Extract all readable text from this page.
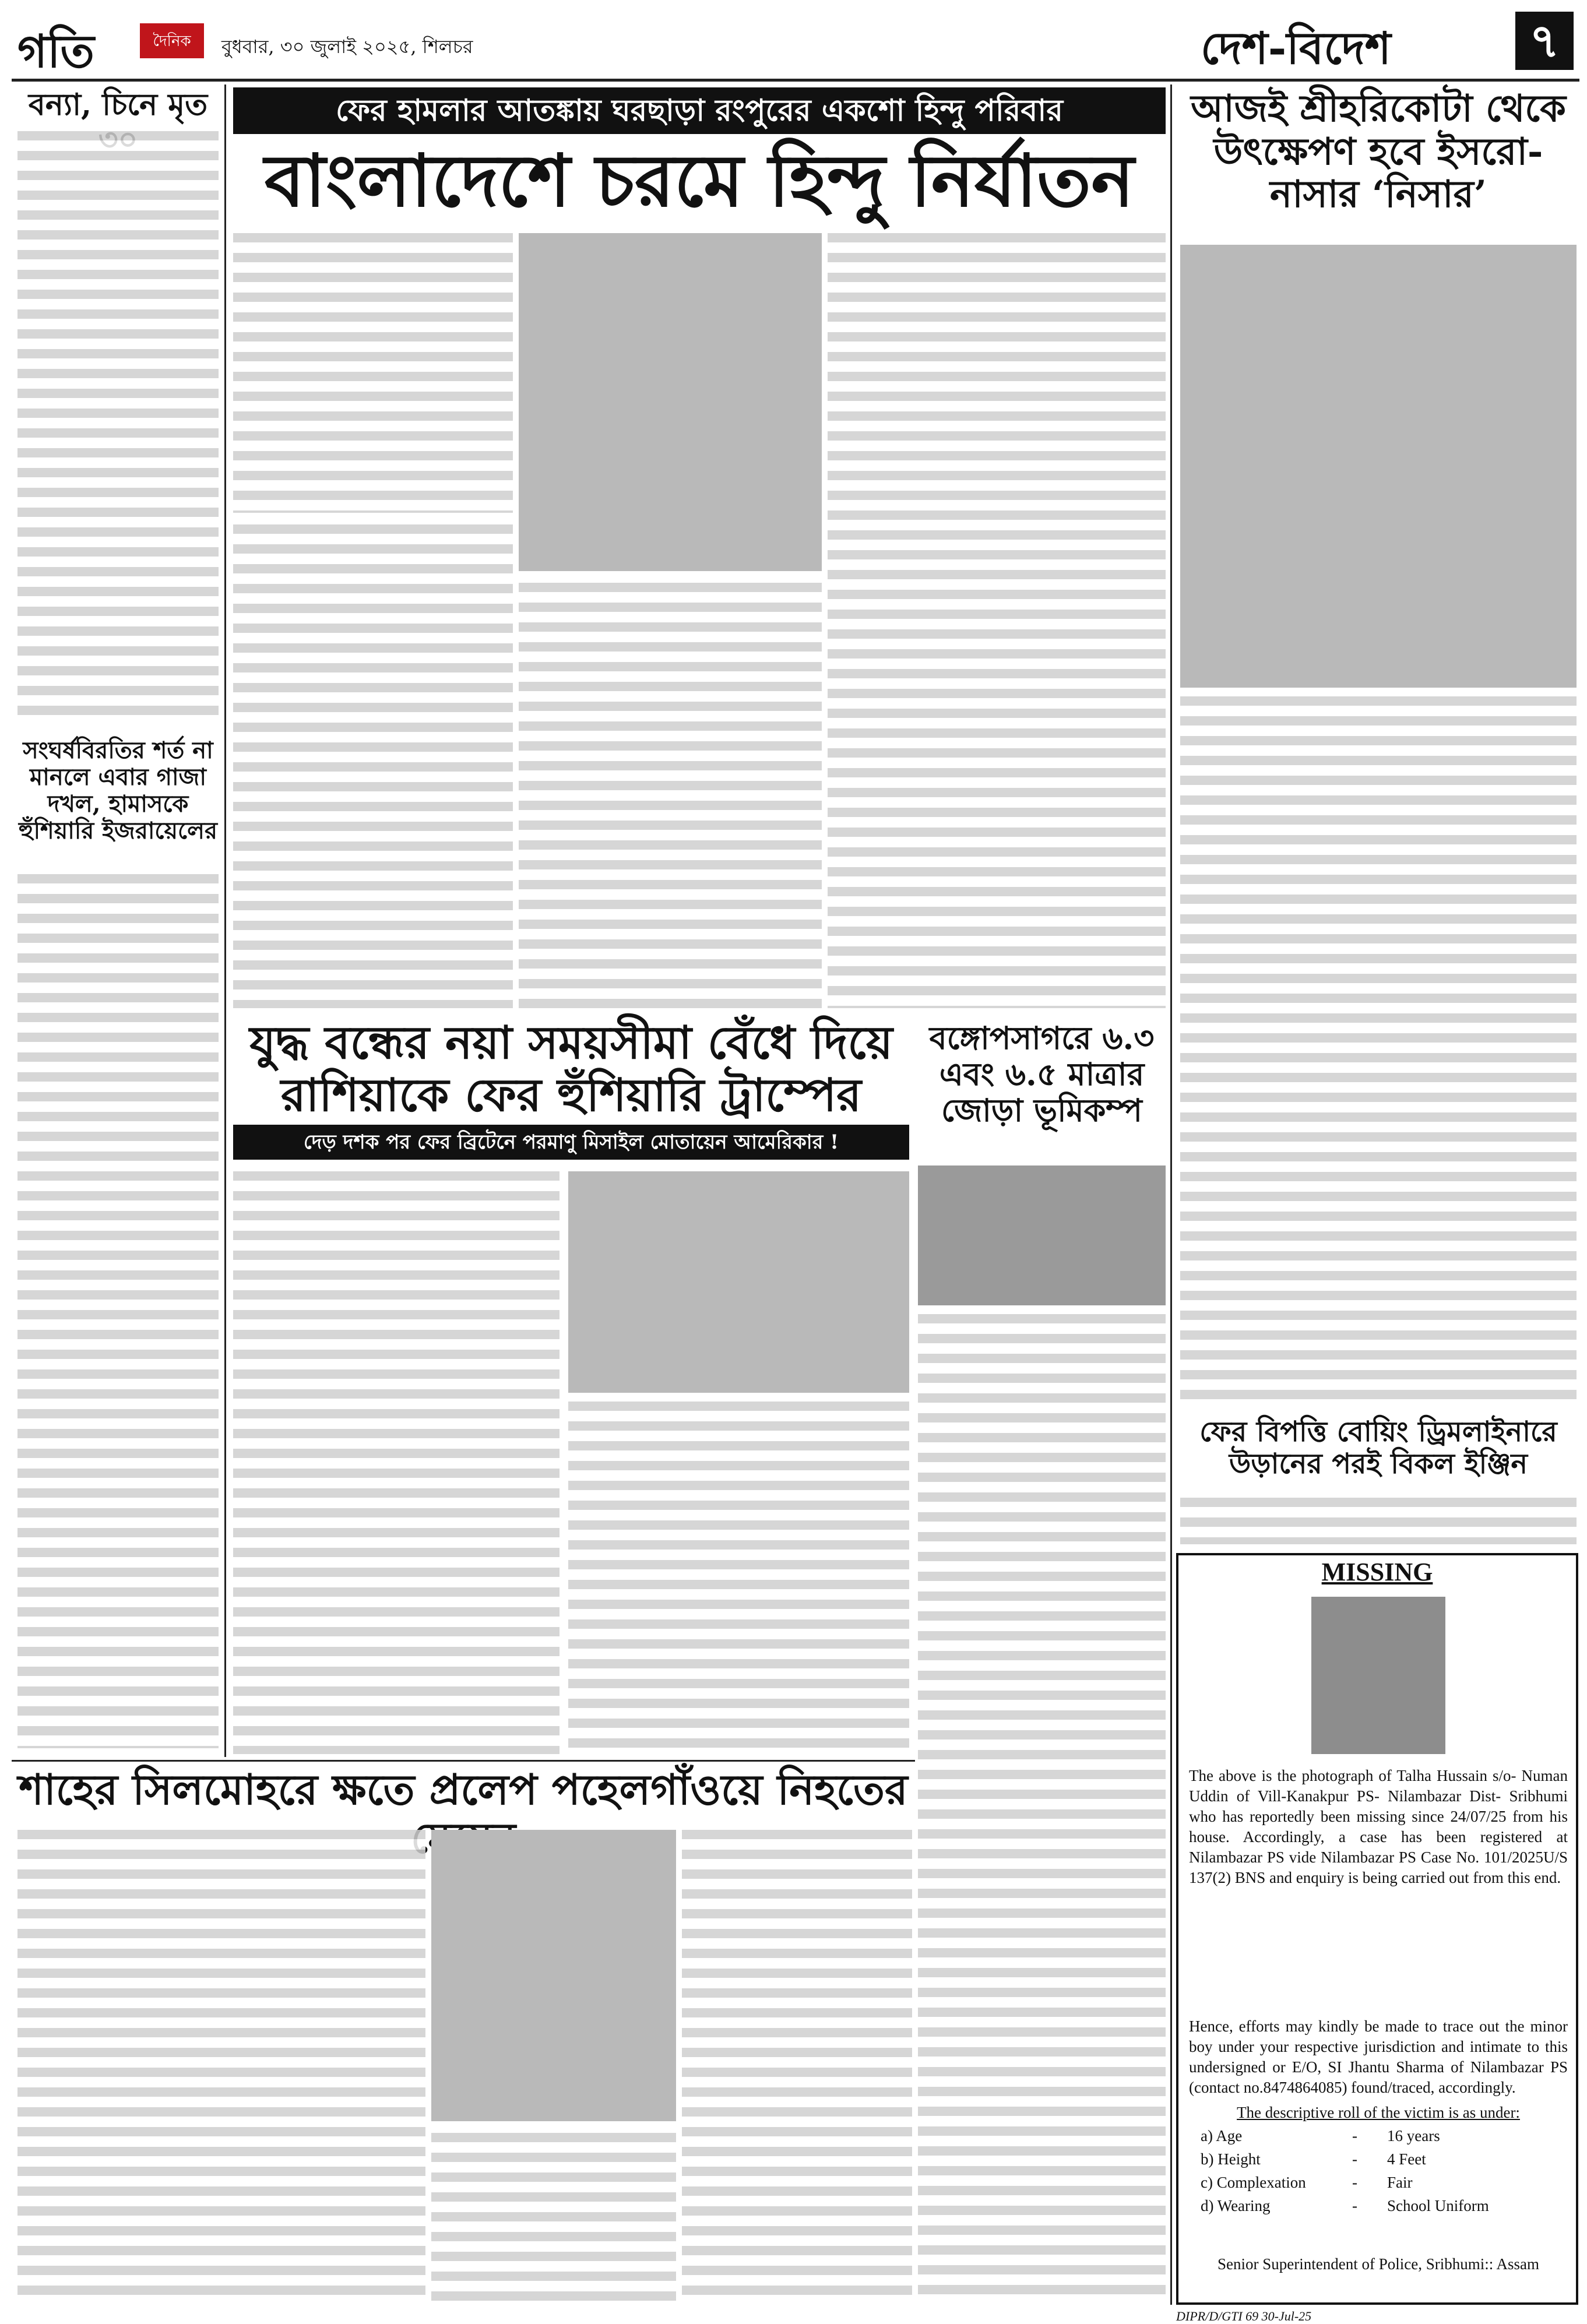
গতি	দৈনিক	বুধবার, ৩০ জুলাই ২০২৫, শিলচর	দেশ-বিদেশ	৭
বন্যা, চিনে মৃত
সংঘর্ষবিরতির শর্ত না মানলে এবার গাজা দখল, হামাসকে হুঁশিয়ারি ইজরায়েলের
ফের হামলার আতঙ্কায় ঘরছাড়া রংপুরের একশো হিন্দু পরিবার
বাংলাদেশে চরমে হিন্দু নির্যাতন
যুদ্ধ বন্ধের নয়া সময়সীমা বেঁধে দিয়ে রাশিয়াকে ফের হুঁশিয়ারি ট্রাম্পের
দেড় দশক পর ফের ব্রিটেনে পরমাণু মিসাইল মোতায়েন আমেরিকার !
বঙ্গোপসাগরে ৬.৩ এবং ৬.৫ মাত্রার জোড়া ভূমিকম্প
আজই শ্রীহরিকোটা থেকে উৎক্ষেপণ হবে ইসরো-নাসার ‘নিসার’
ফের বিপত্তি বোয়িং ড্রিমলাইনারে উড়ানের পরই বিকল ইঞ্জিন
শাহের সিলমোহরে ক্ষতে প্রলেপ পহেলগাঁওয়ে নিহতের
MISSING
The above is the photograph of Talha Hussain s/o- Numan Uddin of Vill-Kanakpur PS- Nilambazar Dist- Sribhumi who has reportedly been missing since 24/07/25 from his house. Accordingly, a case has been registered at Nilambazar PS vide Nilambazar PS Case No. 101/2025U/S 137(2) BNS and enquiry is being carried out from this end.
Hence, efforts may kindly be made to trace out the minor boy under your respective jurisdiction and intimate to this undersigned or E/O, SI Jhantu Sharma of Nilambazar PS (contact no.8474864085) found/traced, accordingly.
The descriptive roll of the victim is as under:
a) Age	- 16 years
b) Height	- 4 Feet
c) Complexation	- Fair
d) Wearing	- School Uniform
Senior Superintendent of Police, Sribhumi:: Assam
DIPR/D/GTI 69 30-Jul-25
